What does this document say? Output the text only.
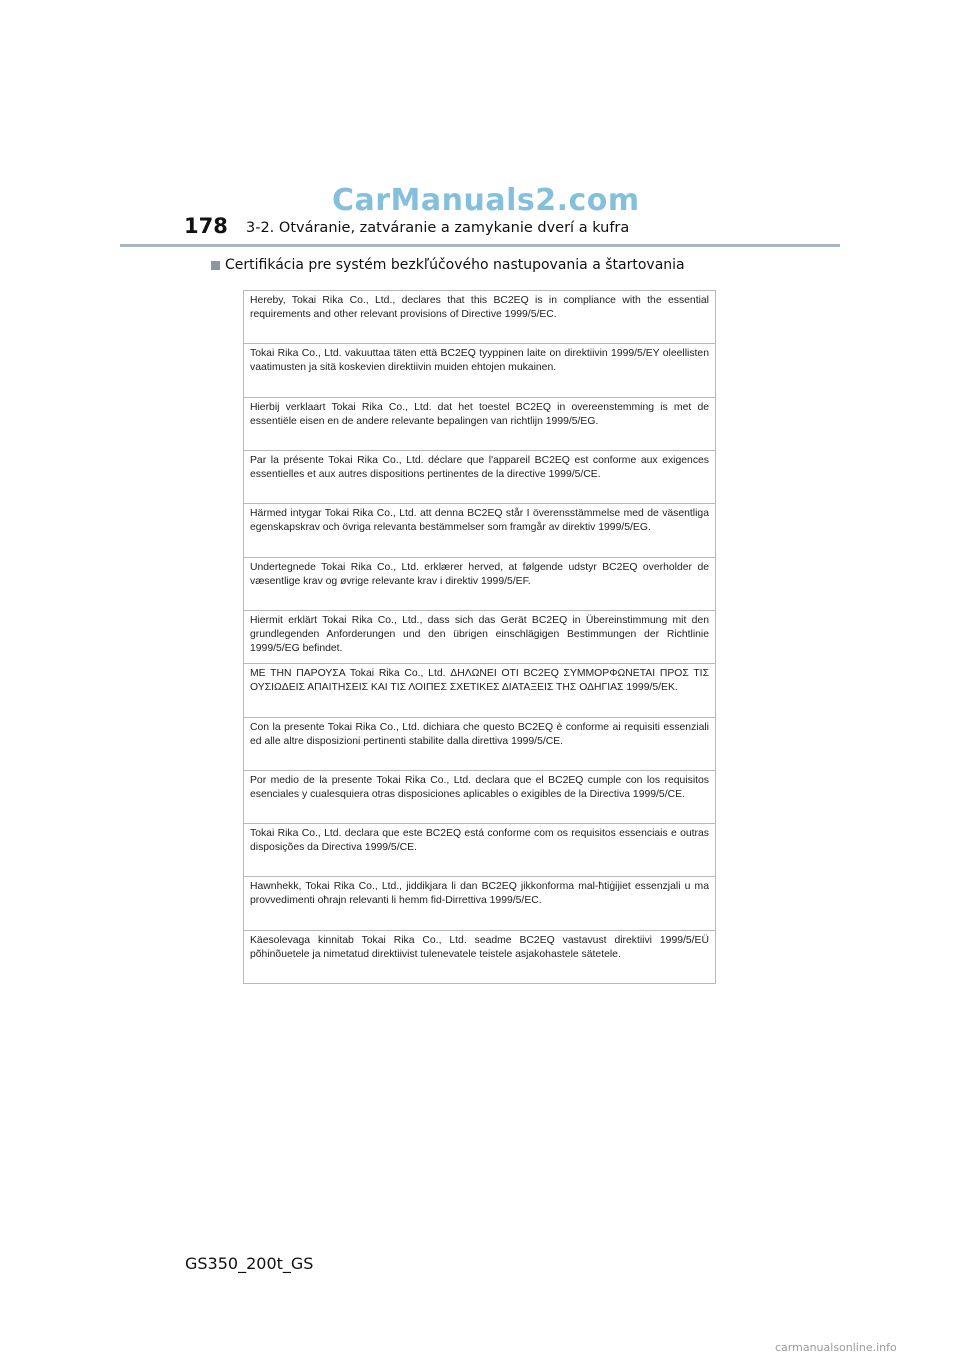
CarManuals2.com
178 3-2. Otváranie, zatváranie a zamykanie dverí a kufra
Certifikácia pre systém bezkľúčového nastupovania a štartovania
Hereby, Tokai Rika Co., Ltd., declares that this BC2EQ is in compliance with the essential requirements and other relevant provisions of Directive 1999/5/EC.
Tokai Rika Co., Ltd. vakuuttaa täten että BC2EQ tyyppinen laite on direktiivin 1999/5/EY oleellisten vaatimusten ja sitä koskevien direktiivin muiden ehtojen mukainen.
Hierbij verklaart Tokai Rika Co., Ltd. dat het toestel BC2EQ in overeenstemming is met de essentiële eisen en de andere relevante bepalingen van richtlijn 1999/5/EG.
Par la présente Tokai Rika Co., Ltd. déclare que l'appareil BC2EQ est conforme aux exigences essentielles et aux autres dispositions pertinentes de la directive 1999/5/CE.
Härmed intygar Tokai Rika Co., Ltd. att denna BC2EQ står I överensstämmelse med de väsentliga egenskapskrav och övriga relevanta bestämmelser som framgår av direktiv 1999/5/EG.
Undertegnede Tokai Rika Co., Ltd. erklærer herved, at følgende udstyr BC2EQ overholder de væsentlige krav og øvrige relevante krav i direktiv 1999/5/EF.
Hiermit erklärt Tokai Rika Co., Ltd., dass sich das Gerät BC2EQ in Übereinstimmung mit den grundlegenden Anforderungen und den übrigen einschlägigen Bestimmungen der Richtlinie 1999/5/EG befindet.
ΜΕ ΤΗΝ ΠΑΡΟΥΣΑ Tokai Rika Co., Ltd. ΔΗΛΩΝΕΙ ΟΤΙ BC2EQ ΣΥΜΜΟΡΦΩΝΕΤΑΙ ΠΡΟΣ ΤΙΣ ΟΥΣΙΩΔΕΙΣ ΑΠΑΙΤΗΣΕΙΣ ΚΑΙ ΤΙΣ ΛΟΙΠΕΣ ΣΧΕΤΙΚΕΣ ΔΙΑΤΑΞΕΙΣ ΤΗΣ ΟΔΗΓΙΑΣ 1999/5/ΕΚ.
Con la presente Tokai Rika Co., Ltd. dichiara che questo BC2EQ è conforme ai requisiti essenziali ed alle altre disposizioni pertinenti stabilite dalla direttiva 1999/5/CE.
Por medio de la presente Tokai Rika Co., Ltd. declara que el BC2EQ cumple con los requisitos esenciales y cualesquiera otras disposiciones aplicables o exigibles de la Directiva 1999/5/CE.
Tokai Rika Co., Ltd. declara que este BC2EQ está conforme com os requisitos essenciais e outras disposições da Directiva 1999/5/CE.
Hawnhekk, Tokai Rika Co., Ltd., jiddikjara li dan BC2EQ jikkonforma mal-ħtiġijiet essenzjali u ma provvedimenti oħrajn relevanti li hemm fid-Dirrettiva 1999/5/EC.
Käesolevaga kinnitab Tokai Rika Co., Ltd. seadme BC2EQ vastavust direktiivi 1999/5/EÜ põhinõuetele ja nimetatud direktiivist tulenevatele teistele asjakohastele sätetele.
GS350_200t_GS
carmanualsonline.info
